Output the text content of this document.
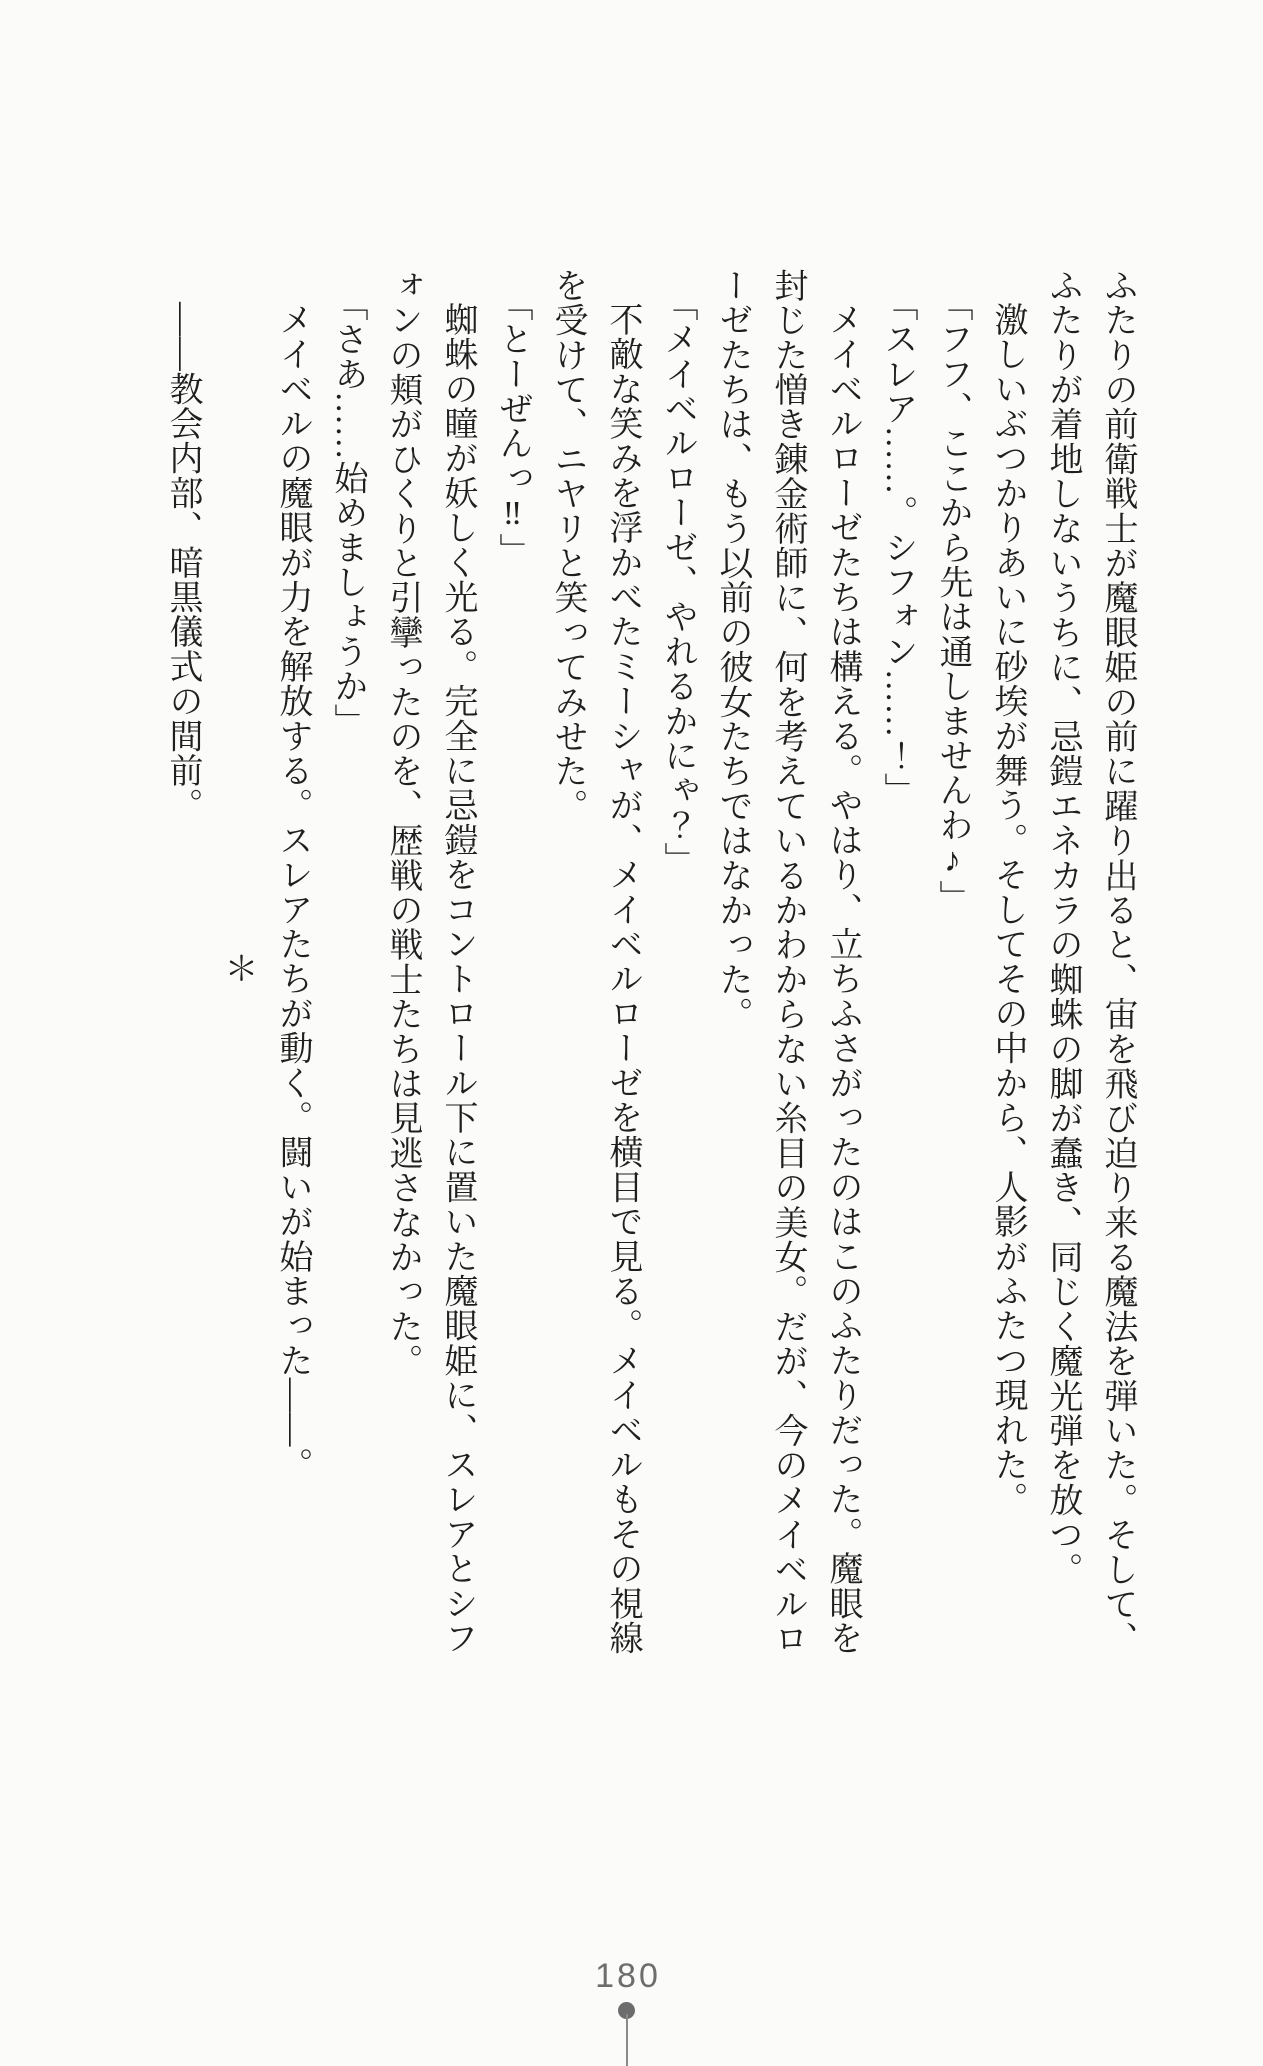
ふたりの前衛戦士が魔眼姫の前に躍り出ると、宙を飛び迫り来る魔法を弾いた。そして、

ふたりが着地しないうちに、忌鎧エネカラの蜘蛛の脚が蠢き、同じく魔光弾を放つ。

激しいぶつかりあいに砂埃が舞う。そしてその中から、人影がふたつ現れた。

「フフ、ここから先は通しませんわ♪」

「スレア……。シフォン……！」

メイベルローゼたちは構える。やはり、立ちふさがったのはこのふたりだった。魔眼を

封じた憎き錬金術師に、何を考えているかわからない糸目の美女。だが、今のメイベルロ

ーゼたちは、もう以前の彼女たちではなかった。

「メイベルローゼ、やれるかにゃ？」

不敵な笑みを浮かべたミーシャが、メイベルローゼを横目で見る。メイベルもその視線

を受けて、ニヤリと笑ってみせた。

「とーぜんっ‼」

蜘蛛の瞳が妖しく光る。完全に忌鎧をコントロール下に置いた魔眼姫に、スレアとシフ

ォンの頬がひくりと引攣ったのを、歴戦の戦士たちは見逃さなかった。

「さあ……始めましょうか」

メイベルの魔眼が力を解放する。スレアたちが動く。闘いが始まった——。

＊

——教会内部、暗黒儀式の間前。

180
